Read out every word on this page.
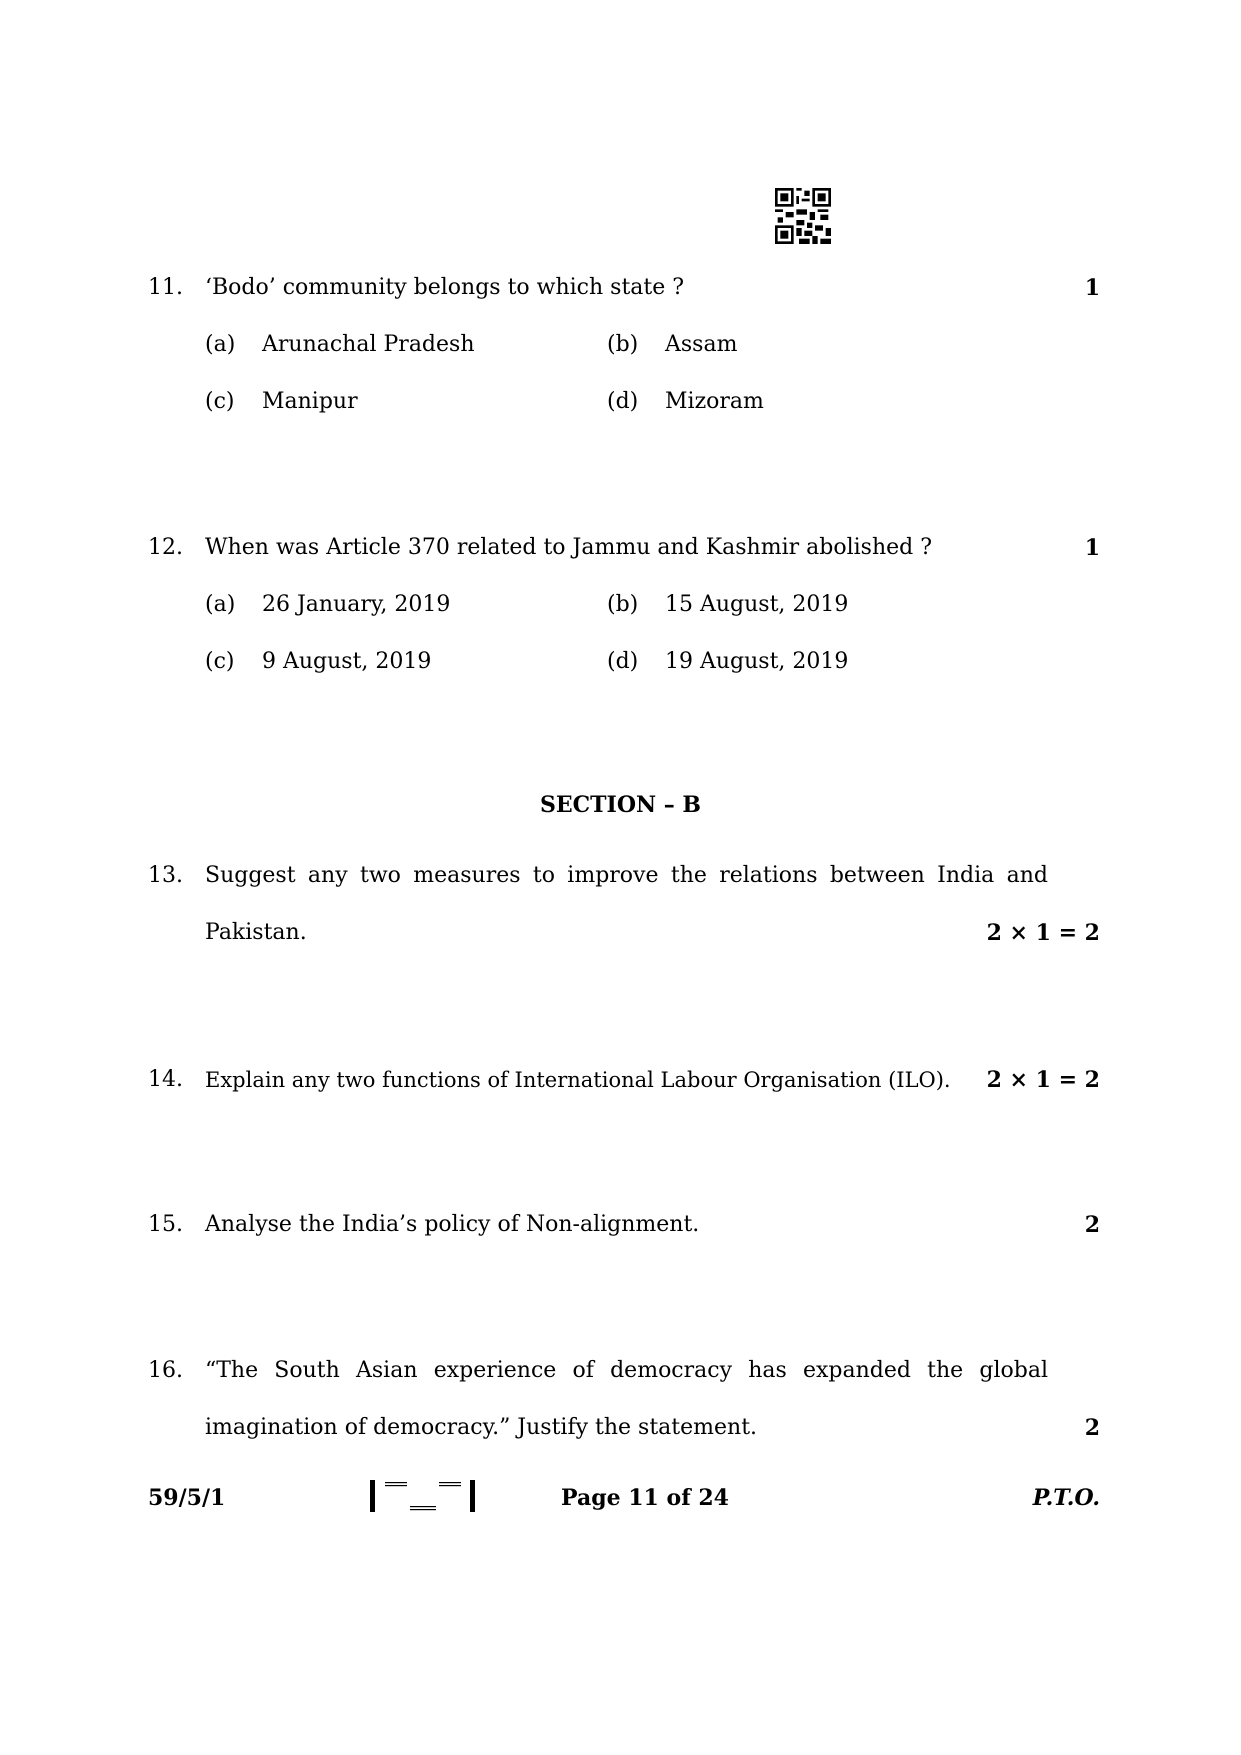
11. ‘Bodo’ community belongs to which state ?	1
(a) Arunachal Pradesh	(b) Assam
(c) Manipur	(d) Mizoram
12. When was Article 370 related to Jammu and Kashmir abolished ?	1
(a) 26 January, 2019	(b) 15 August, 2019
(c) 9 August, 2019	(d) 19 August, 2019
SECTION – B
13. Suggest any two measures to improve the relations between India and
Pakistan.	2 × 1 = 2
14. Explain any two functions of International Labour Organisation (ILO). 2 × 1 = 2
15. Analyse the India’s policy of Non-alignment.	2
16. “The South Asian experience of democracy has expanded the global
imagination of democracy.” Justify the statement.	2
59/5/1	Page 11 of 24	P.T.O.
